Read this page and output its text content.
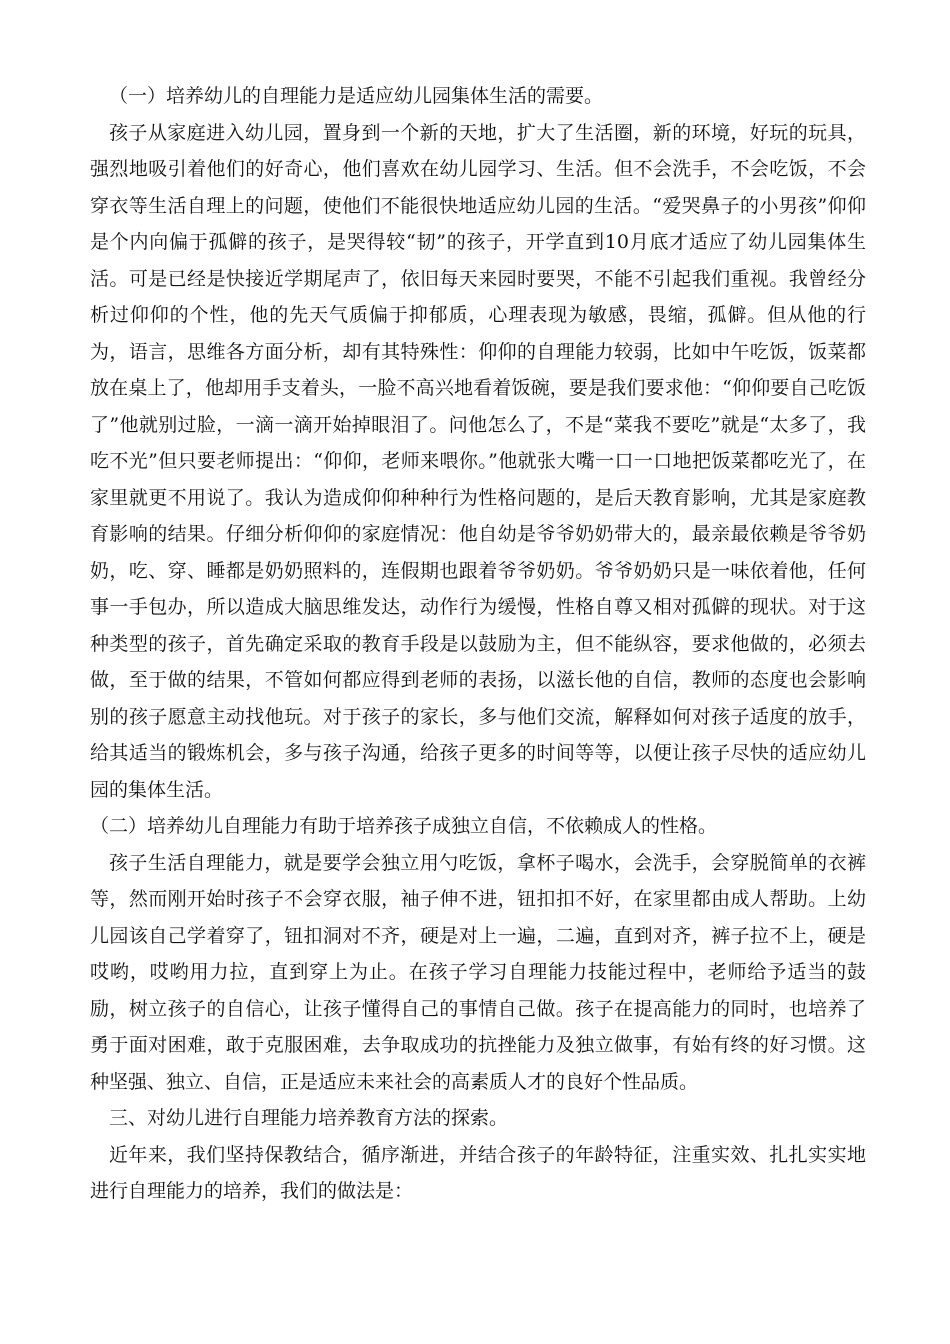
（一）培养幼儿的自理能力是适应幼儿园集体生活的需要。

孩子从家庭进入幼儿园，置身到一个新的天地，扩大了生活圈，新的环境，好玩的玩具，强烈地吸引着他们的好奇心，他们喜欢在幼儿园学习、生活。但不会洗手，不会吃饭，不会穿衣等生活自理上的问题，使他们不能很快地适应幼儿园的生活。“爱哭鼻子的小男孩”仰仰是个内向偏于孤僻的孩子，是哭得较“韧”的孩子，开学直到10月底才适应了幼儿园集体生活。可是已经是快接近学期尾声了，依旧每天来园时要哭，不能不引起我们重视。我曾经分析过仰仰的个性，他的先天气质偏于抑郁质，心理表现为敏感，畏缩，孤僻。但从他的行为，语言，思维各方面分析，却有其特殊性：仰仰的自理能力较弱，比如中午吃饭，饭菜都放在桌上了，他却用手支着头，一脸不高兴地看着饭碗，要是我们要求他：“仰仰要自己吃饭了”他就别过脸，一滴一滴开始掉眼泪了。问他怎么了，不是“菜我不要吃”就是“太多了，我吃不光”但只要老师提出：“仰仰，老师来喂你。”他就张大嘴一口一口地把饭菜都吃光了，在家里就更不用说了。我认为造成仰仰种种行为性格问题的，是后天教育影响，尤其是家庭教育影响的结果。仔细分析仰仰的家庭情况：他自幼是爷爷奶奶带大的，最亲最依赖是爷爷奶奶，吃、穿、睡都是奶奶照料的，连假期也跟着爷爷奶奶。爷爷奶奶只是一味依着他，任何事一手包办，所以造成大脑思维发达，动作行为缓慢，性格自尊又相对孤僻的现状。对于这种类型的孩子，首先确定采取的教育手段是以鼓励为主，但不能纵容，要求他做的，必须去做，至于做的结果，不管如何都应得到老师的表扬，以滋长他的自信，教师的态度也会影响别的孩子愿意主动找他玩。对于孩子的家长，多与他们交流，解释如何对孩子适度的放手，给其适当的锻炼机会，多与孩子沟通，给孩子更多的时间等等，以便让孩子尽快的适应幼儿园的集体生活。

（二）培养幼儿自理能力有助于培养孩子成独立自信，不依赖成人的性格。

孩子生活自理能力，就是要学会独立用勺吃饭，拿杯子喝水，会洗手，会穿脱简单的衣裤等，然而刚开始时孩子不会穿衣服，袖子伸不进，钮扣扣不好，在家里都由成人帮助。上幼儿园该自己学着穿了，钮扣洞对不齐，硬是对上一遍，二遍，直到对齐，裤子拉不上，硬是哎哟，哎哟用力拉，直到穿上为止。在孩子学习自理能力技能过程中，老师给予适当的鼓励，树立孩子的自信心，让孩子懂得自己的事情自己做。孩子在提高能力的同时，也培养了勇于面对困难，敢于克服困难，去争取成功的抗挫能力及独立做事，有始有终的好习惯。这种坚强、独立、自信，正是适应未来社会的高素质人才的良好个性品质。

三、对幼儿进行自理能力培养教育方法的探索。

近年来，我们坚持保教结合，循序渐进，并结合孩子的年龄特征，注重实效、扎扎实实地进行自理能力的培养，我们的做法是：
